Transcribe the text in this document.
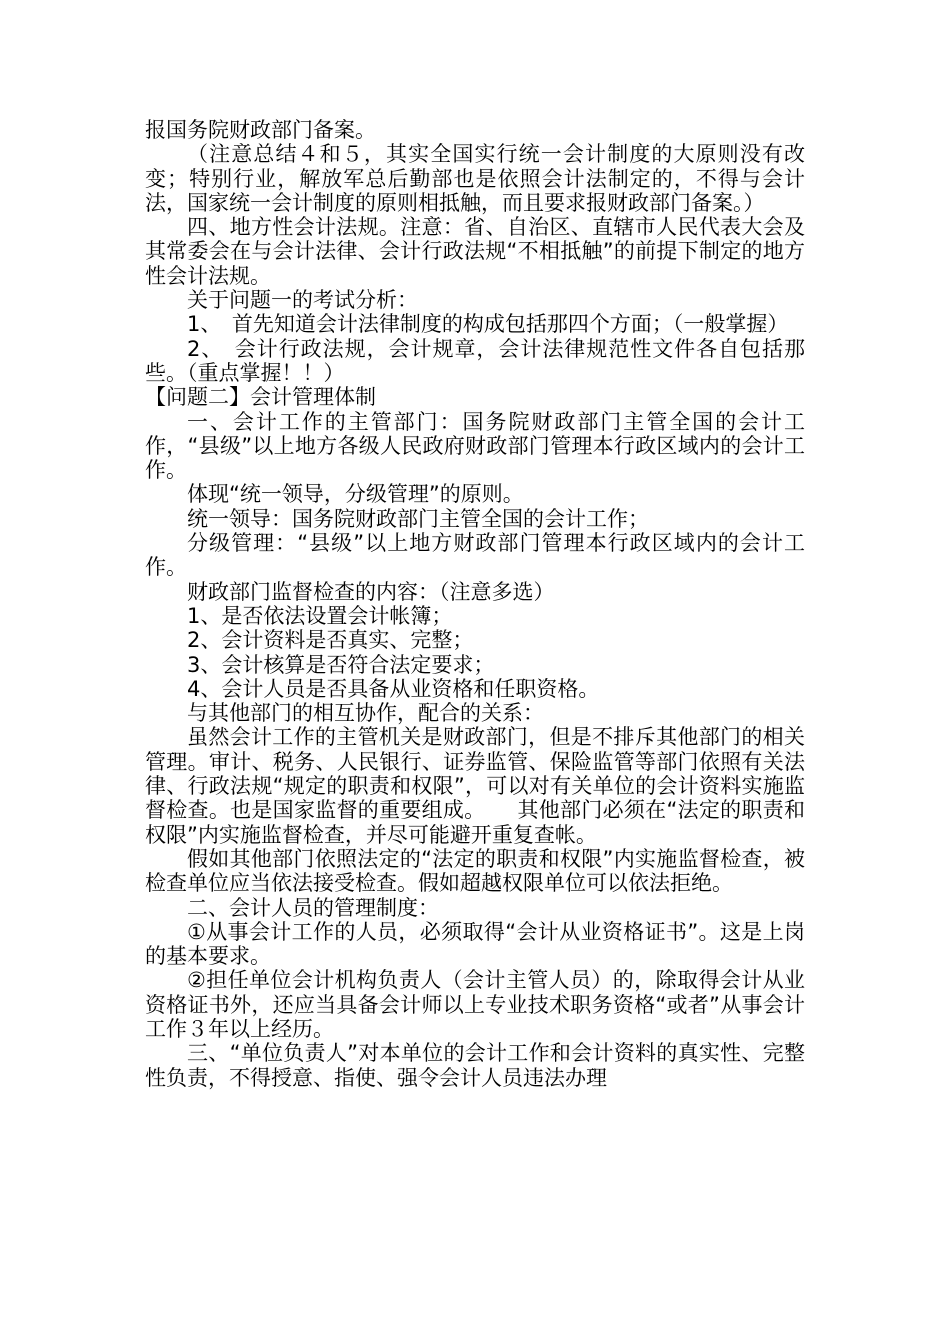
报国务院财政部门备案。

（注意总结４和５，其实全国实行统一会计制度的大原则没有改变；特别行业，解放军总后勤部也是依照会计法制定的，不得与会计法，国家统一会计制度的原则相抵触，而且要求报财政部门备案。）

四、地方性会计法规。注意：省、自治区、直辖市人民代表大会及其常委会在与会计法律、会计行政法规“不相抵触”的前提下制定的地方性会计法规。

关于问题一的考试分析：

1、　首先知道会计法律制度的构成包括那四个方面；（一般掌握）

2、　会计行政法规，会计规章，会计法律规范性文件各自包括那些。（重点掌握！！）

【问题二】会计管理体制

一、会计工作的主管部门：国务院财政部门主管全国的会计工作，“县级”以上地方各级人民政府财政部门管理本行政区域内的会计工作。

体现“统一领导，分级管理”的原则。

统一领导：国务院财政部门主管全国的会计工作；

分级管理：“县级”以上地方财政部门管理本行政区域内的会计工作。

财政部门监督检查的内容：（注意多选）

1、是否依法设置会计帐簿；

2、会计资料是否真实、完整；

3、会计核算是否符合法定要求；

4、会计人员是否具备从业资格和任职资格。

与其他部门的相互协作，配合的关系：

虽然会计工作的主管机关是财政部门，但是不排斥其他部门的相关管理。审计、税务、人民银行、证券监管、保险监管等部门依照有关法律、行政法规“规定的职责和权限”，可以对有关单位的会计资料实施监督检查。也是国家监督的重要组成。　　其他部门必须在“法定的职责和权限”内实施监督检查，并尽可能避开重复查帐。

假如其他部门依照法定的“法定的职责和权限”内实施监督检查，被检查单位应当依法接受检查。假如超越权限单位可以依法拒绝。

二、会计人员的管理制度：

①从事会计工作的人员，必须取得“会计从业资格证书”。这是上岗的基本要求。

②担任单位会计机构负责人（会计主管人员）的，除取得会计从业资格证书外，还应当具备会计师以上专业技术职务资格“或者”从事会计工作３年以上经历。

三、“单位负责人”对本单位的会计工作和会计资料的真实性、完整性负责，不得授意、指使、强令会计人员违法办理
